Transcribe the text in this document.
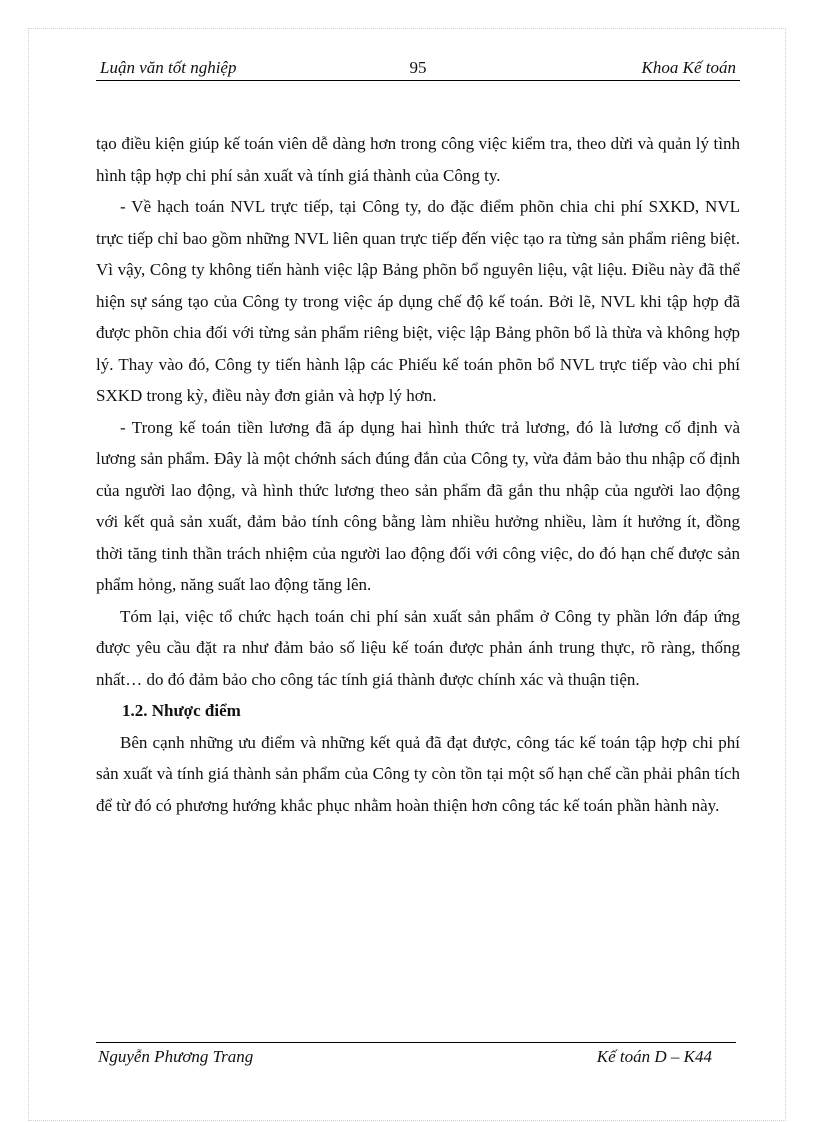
Luận văn tốt nghiệp	95	Khoa Kế toán

tạo điều kiện giúp kế toán viên dễ dàng hơn trong công việc kiểm tra, theo dừi và quản lý tình hình tập hợp chi phí sản xuất và tính giá thành của Công ty.

- Về hạch toán NVL trực tiếp, tại Công ty, do đặc điểm phõn chia chi phí SXKD, NVL trực tiếp chỉ bao gồm những NVL liên quan trực tiếp đến việc tạo ra từng sản phẩm riêng biệt. Vì vậy, Công ty không tiến hành việc lập Bảng phõn bổ nguyên liệu, vật liệu. Điều này đã thể hiện sự sáng tạo của Công ty trong việc áp dụng chế độ kế toán. Bởi lẽ, NVL khi tập hợp đã được phõn chia đối với từng sản phẩm riêng biệt, việc lập Bảng phõn bổ là thừa và không hợp lý. Thay vào đó, Công ty tiến hành lập các Phiếu kế toán phõn bổ NVL trực tiếp vào chi phí SXKD trong kỳ, điều này đơn giản và hợp lý hơn.

- Trong kế toán tiền lương đã áp dụng hai hình thức trả lương, đó là lương cố định và lương sản phẩm. Đây là một chớnh sách đúng đắn của Công ty, vừa đảm bảo thu nhập cố định của người lao động, và hình thức lương theo sản phẩm đã gắn thu nhập của người lao động với kết quả sản xuất, đảm bảo tính công bằng làm nhiều hưởng nhiều, làm ít hưởng ít, đồng thời tăng tinh thần trách nhiệm của người lao động đối với công việc, do đó hạn chế được sản phẩm hỏng, năng suất lao động tăng lên.

Tóm lại, việc tổ chức hạch toán chi phí sản xuất sản phẩm ở Công ty phần lớn đáp ứng được yêu cầu đặt ra như đảm bảo số liệu kế toán được phản ánh trung thực, rõ ràng, thống nhất… do đó đảm bảo cho công tác tính giá thành được chính xác và thuận tiện.

1.2. Nhược điểm

Bên cạnh những ưu điểm và những kết quả đã đạt được, công tác kế toán tập hợp chi phí sản xuất và tính giá thành sản phẩm của Công ty còn tồn tại một số hạn chế cần phải phân tích để từ đó có phương hướng khắc phục nhằm hoàn thiện hơn công tác kế toán phần hành này.

Nguyễn Phương Trang	Kế toán D – K44
